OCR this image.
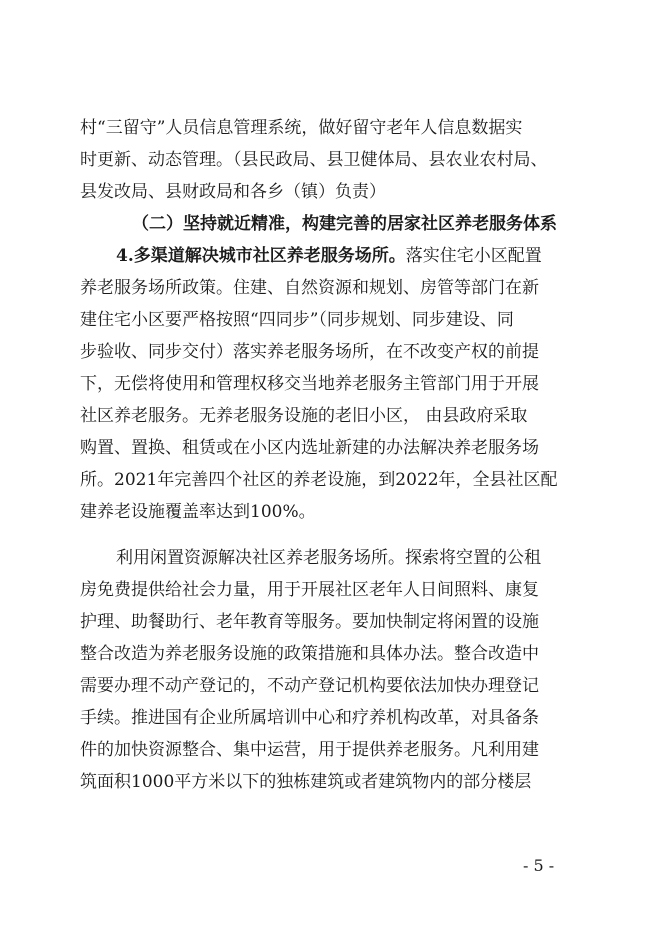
村“三留守”人员信息管理系统，做好留守老年人信息数据实
时更新、动态管理。（县民政局、县卫健体局、县农业农村局、
县发改局、县财政局和各乡（镇）负责）
（二）坚持就近精准，构建完善的居家社区养老服务体系
4.多渠道解决城市社区养老服务场所。落实住宅小区配置
养老服务场所政策。住建、自然资源和规划、房管等部门在新
建住宅小区要严格按照“四同步”（同步规划、同步建设、同
步验收、同步交付）落实养老服务场所，在不改变产权的前提
下，无偿将使用和管理权移交当地养老服务主管部门用于开展
社区养老服务。无养老服务设施的老旧小区， 由县政府采取
购置、置换、租赁或在小区内选址新建的办法解决养老服务场
所。2021年完善四个社区的养老设施，到2022年，全县社区配
建养老设施覆盖率达到100%。
利用闲置资源解决社区养老服务场所。探索将空置的公租
房免费提供给社会力量，用于开展社区老年人日间照料、康复
护理、助餐助行、老年教育等服务。要加快制定将闲置的设施
整合改造为养老服务设施的政策措施和具体办法。整合改造中
需要办理不动产登记的，不动产登记机构要依法加快办理登记
手续。推进国有企业所属培训中心和疗养机构改革，对具备条
件的加快资源整合、集中运营，用于提供养老服务。凡利用建
筑面积1000平方米以下的独栋建筑或者建筑物内的部分楼层
- 5 -
